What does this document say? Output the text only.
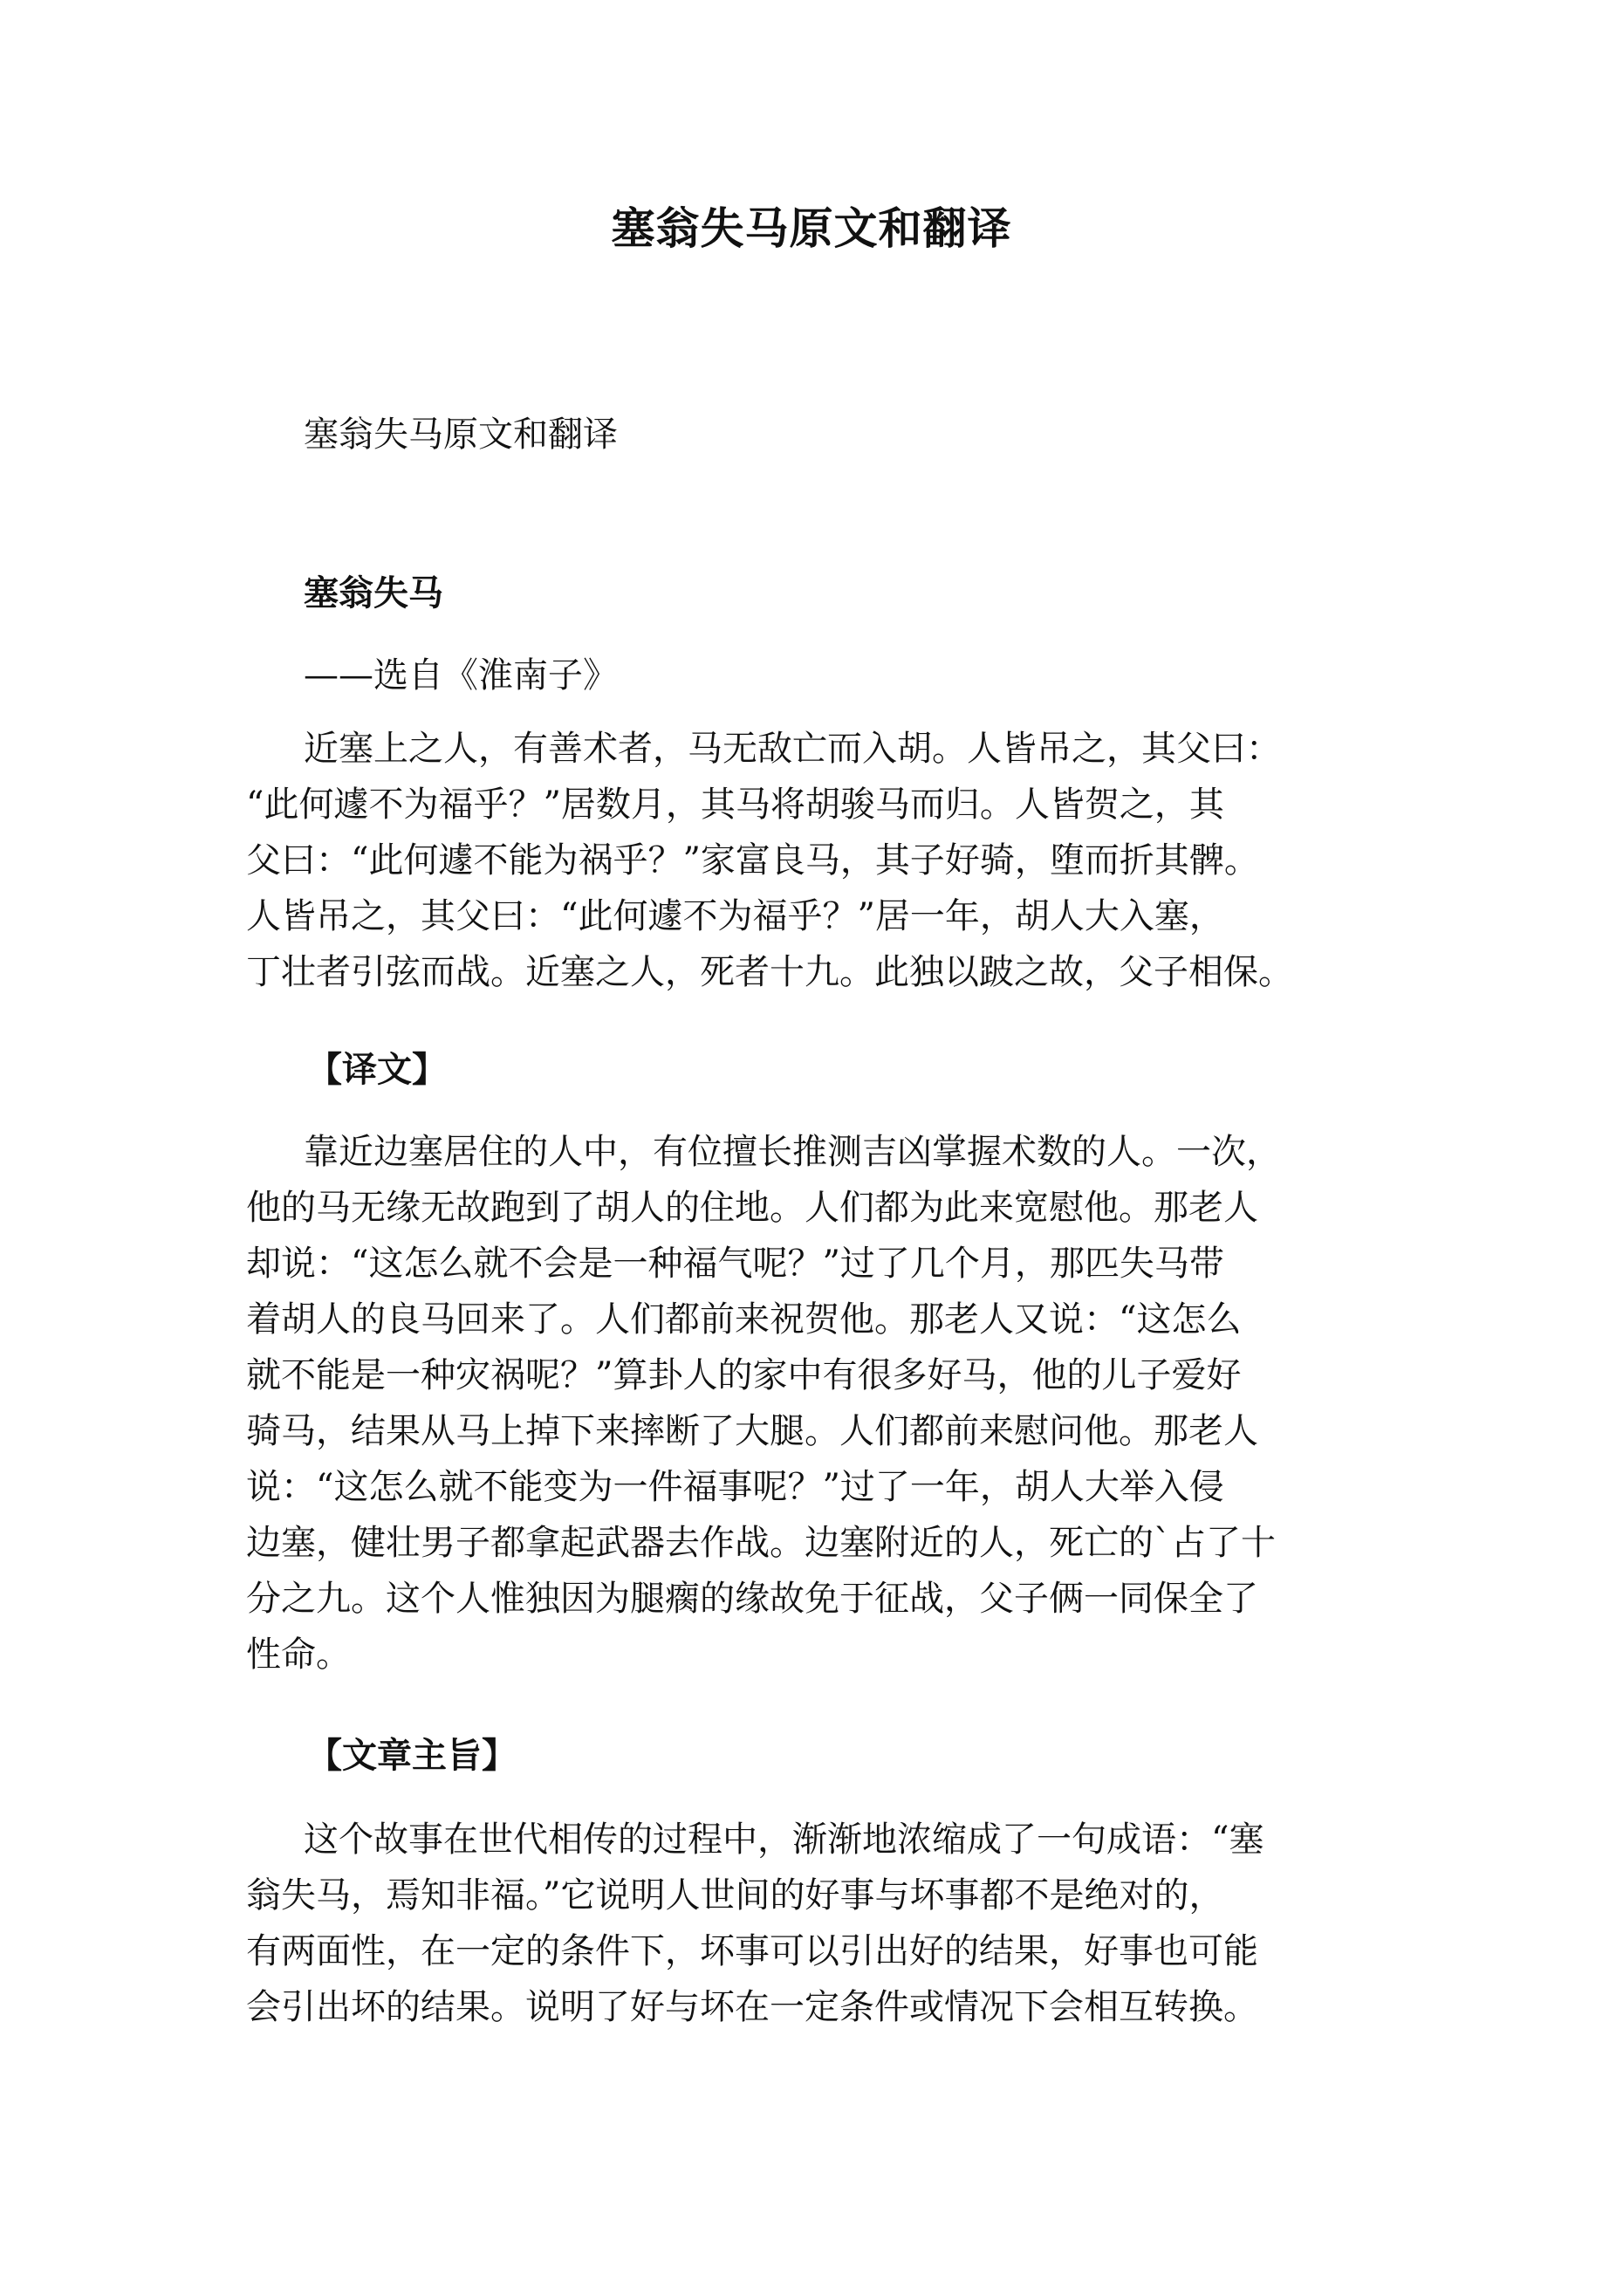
塞翁失马原文和翻译

塞翁失马原文和翻译

塞翁失马

——选自《淮南子》

近塞上之人，有善术者，马无敌亡而入胡。人皆吊之，其父曰：
“此何遽不为福乎？”居数月，其马将胡骏马而归。人皆贺之，其
父曰：“此何遽不能为祸乎？”家富良马，其子好骑，堕而折其髀。
人皆吊之，其父曰：“此何遽不为福乎？”居一年，胡人大入塞，
丁壮者引弦而战。近塞之人，死者十九。此独以跛之故，父子相保。
【译文】
靠近边塞居住的人中，有位擅长推测吉凶掌握术数的人。一次，
他的马无缘无故跑到了胡人的住地。人们都为此来宽慰他。那老人
却说：“这怎么就不会是一种福气呢？”过了几个月，那匹失马带
着胡人的良马回来了。人们都前来祝贺他。那老人又说：“这怎么
就不能是一种灾祸呢？”算卦人的家中有很多好马，他的儿子爱好
骑马，结果从马上掉下来摔断了大腿。人们都前来慰问他。那老人
说：“这怎么就不能变为一件福事呢？”过了一年，胡人大举入侵
边塞，健壮男子都拿起武器去作战。边塞附近的人，死亡的`占了十
分之九。这个人惟独因为腿瘸的缘故免于征战，父子俩一同保全了
性命。
【文章主旨】
这个故事在世代相传的过程中，渐渐地浓缩成了一句成语：“塞
翁失马，焉知非福。”它说明人世间的好事与坏事都不是绝对的，
有两面性，在一定的条件下，坏事可以引出好的结果，好事也可能
会引出坏的结果。说明了好与坏在一定条件或情况下会相互转换。
